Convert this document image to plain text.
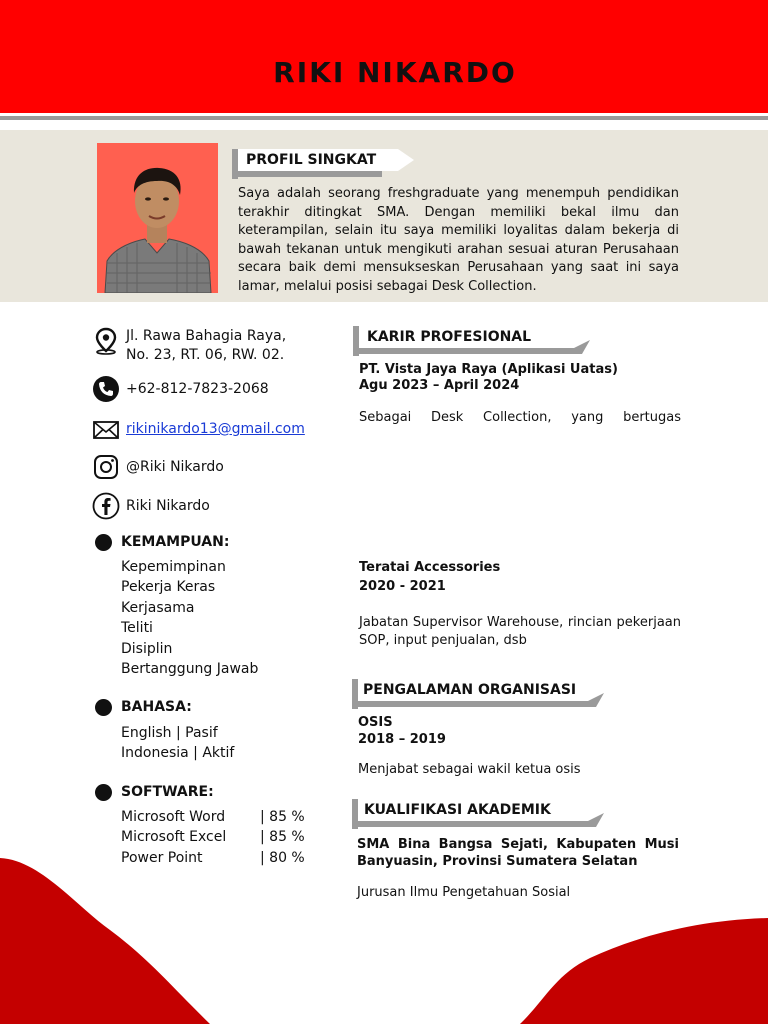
RIKI NIKARDO
PROFIL SINGKAT
Saya adalah seorang freshgraduate yang menempuh pendidikan terakhir ditingkat SMA. Dengan memiliki bekal ilmu dan keterampilan, selain itu saya memiliki loyalitas dalam bekerja di bawah tekanan untuk mengikuti arahan sesuai aturan Perusahaan secara baik demi mensukseskan Perusahaan yang saat ini saya lamar, melalui posisi sebagai Desk Collection.
Jl. Rawa Bahagia Raya,
No. 23, RT. 06, RW. 02.
+62-812-7823-2068
rikinikardo13@gmail.com
@Riki Nikardo
Riki Nikardo
KEMAMPUAN:
Kepemimpinan
Pekerja Keras
Kerjasama
Teliti
Disiplin
Bertanggung Jawab
BAHASA:
English | Pasif
Indonesia | Aktif
SOFTWARE:
Microsoft Word | 85 %
Microsoft Excel | 85 %
Power Point	| 80 %
KARIR PROFESIONAL
PT. Vista Jaya Raya (Aplikasi Uatas)
Agu 2023 – April 2024
Sebagai Desk Collection, yang bertugas
Teratai Accessories
2020 - 2021
Jabatan Supervisor Warehouse, rincian pekerjaan SOP, input penjualan, dsb
PENGALAMAN ORGANISASI
OSIS
2018 – 2019
Menjabat sebagai wakil ketua osis
KUALIFIKASI AKADEMIK
SMA Bina Bangsa Sejati, Kabupaten Musi Banyuasin, Provinsi Sumatera Selatan
Jurusan Ilmu Pengetahuan Sosial
